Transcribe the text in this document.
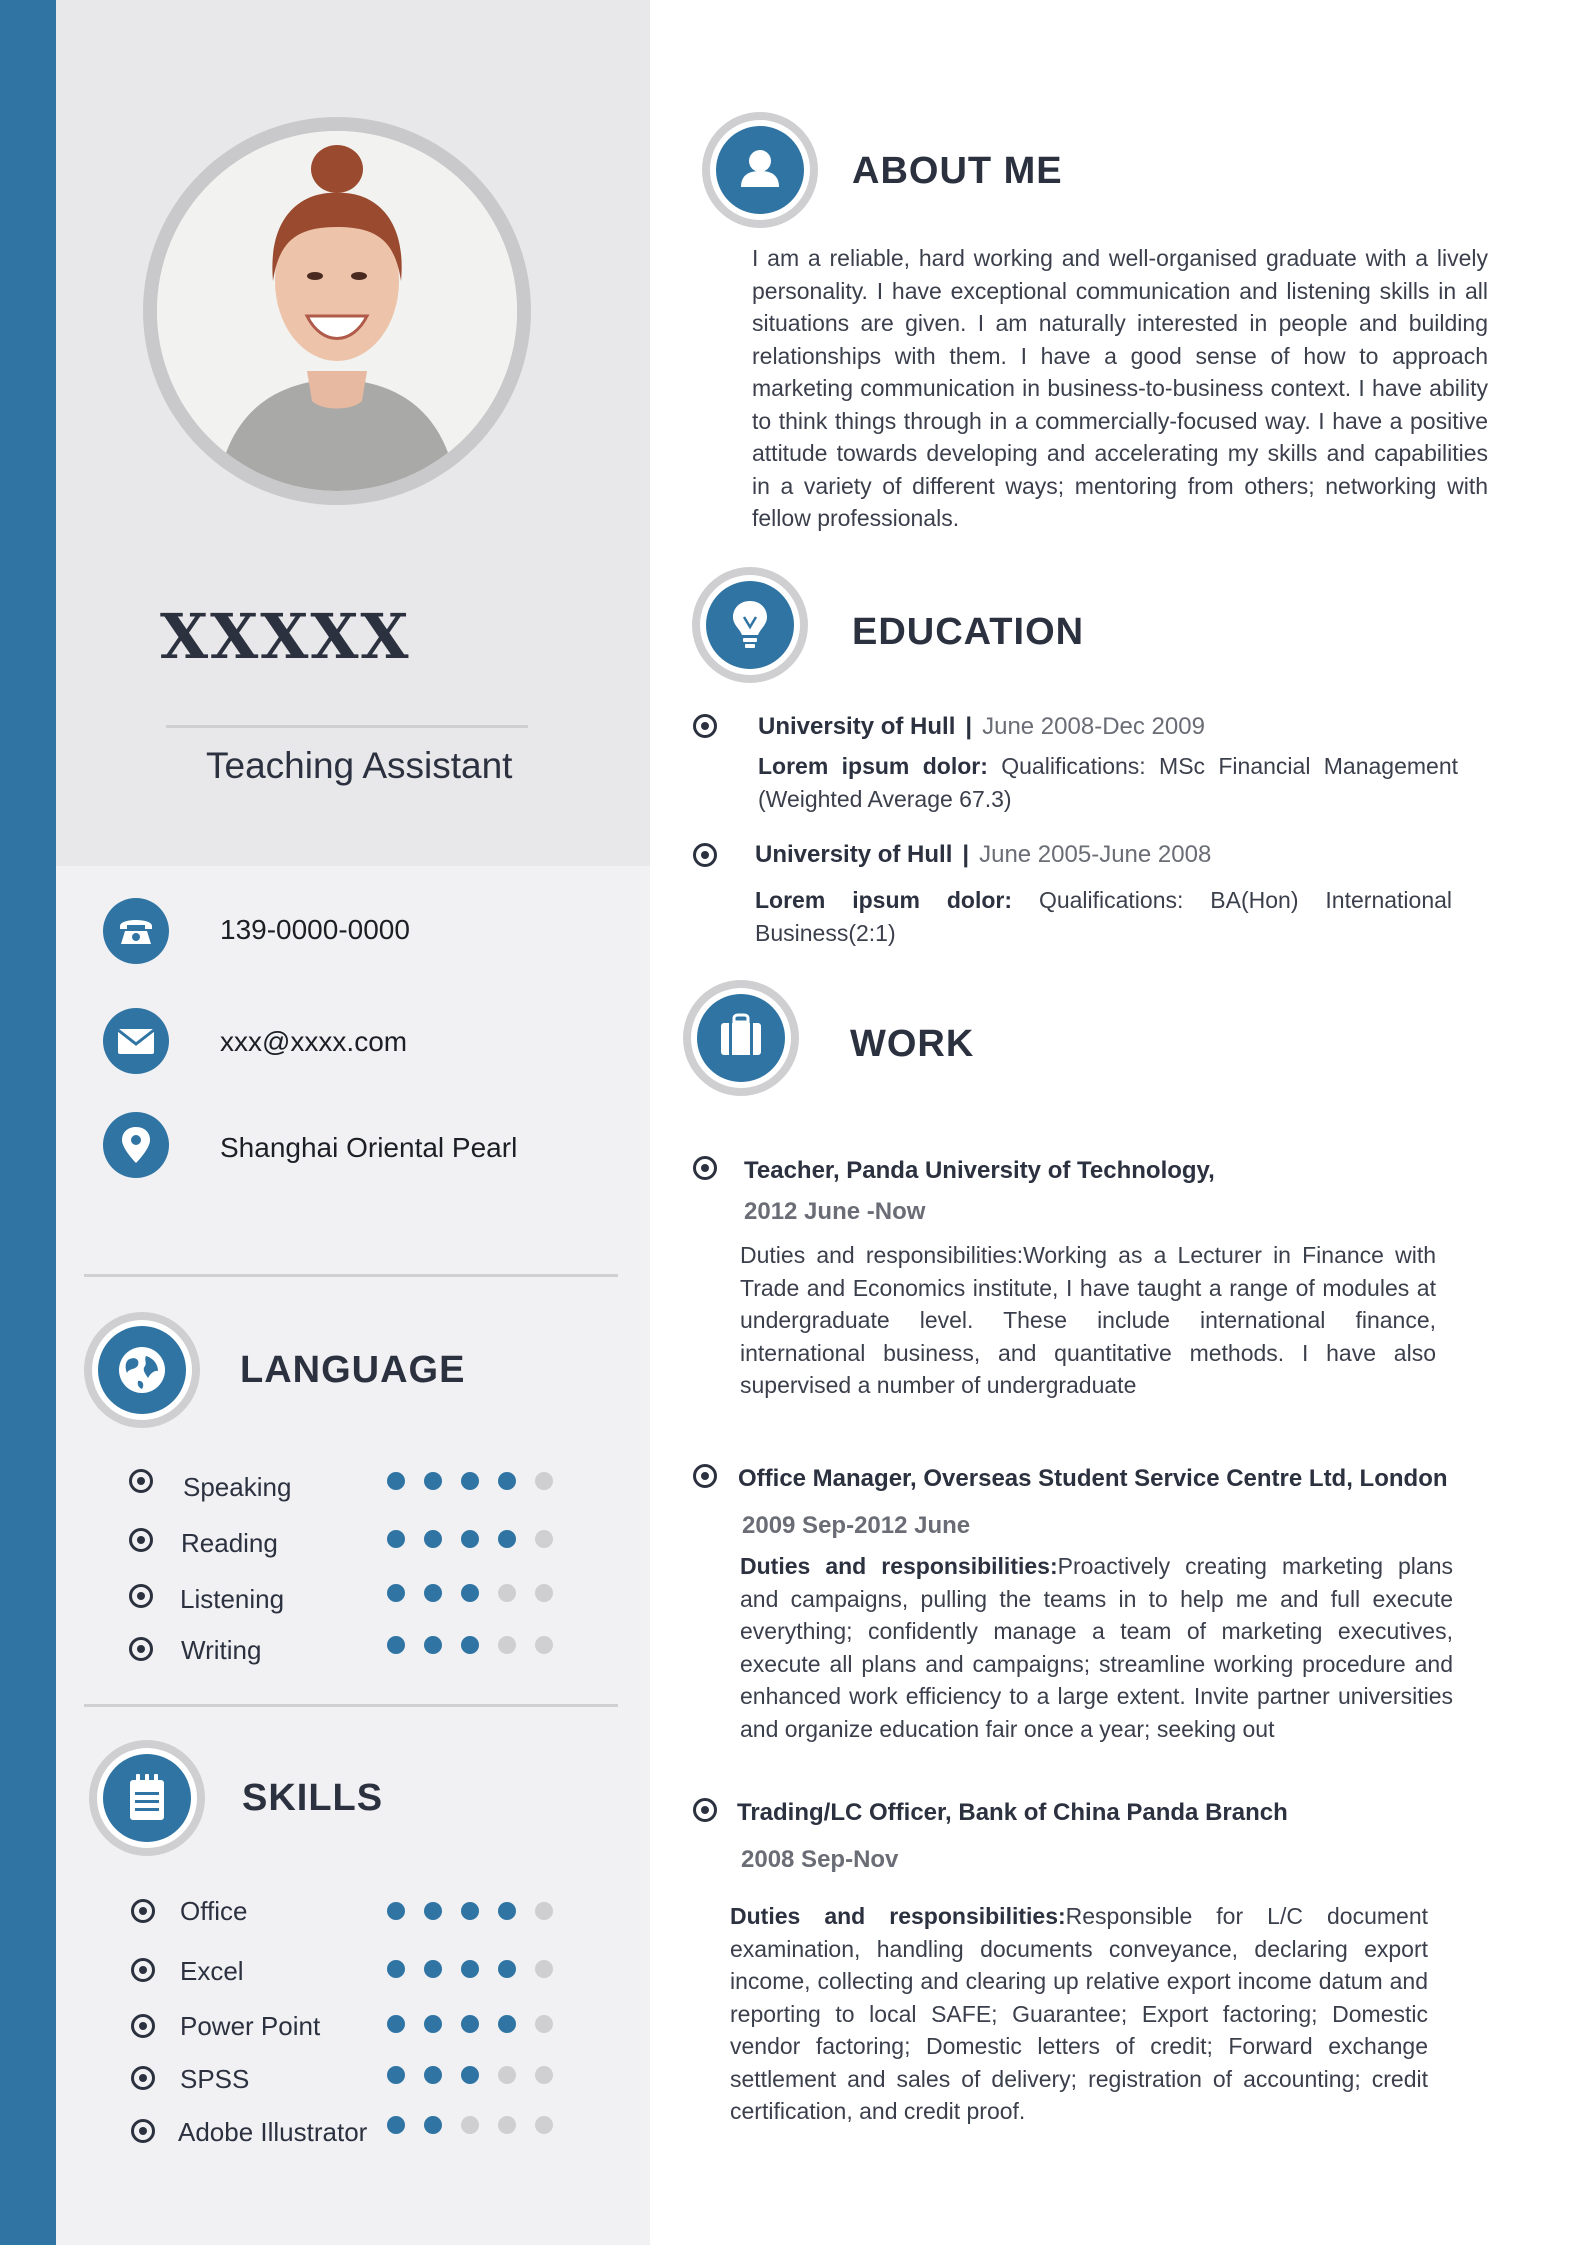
XXXXX
Teaching Assistant
139-0000-0000
xxx@xxxx.com
Shanghai Oriental Pearl
LANGUAGE
Speaking
Reading
Listening
Writing
SKILLS
Office
Excel
Power Point
SPSS
Adobe Illustrator
ABOUT ME
I am a reliable, hard working and well-organised graduate with a lively personality. I have exceptional communication and listening skills in all situations are given. I am naturally interested in people and building relationships with them. I have a good sense of how to approach marketing communication in business-to-business context. I have ability to think things through in a commercially-focused way. I have a positive attitude towards developing and accelerating my skills and capabilities in a variety of different ways; mentoring from others; networking with fellow professionals.
EDUCATION
University of Hull | June 2008-Dec 2009
Lorem ipsum dolor: Qualifications: MSc Financial Management (Weighted Average 67.3)
University of Hull | June 2005-June 2008
Lorem ipsum dolor: Qualifications: BA(Hon) International Business(2:1)
WORK
Teacher, Panda University of Technology,
2012 June -Now
Duties and responsibilities:Working as a Lecturer in Finance with Trade and Economics institute, I have taught a range of modules at undergraduate level. These include international finance, international business, and quantitative methods. I have also supervised a number of undergraduate
Office Manager, Overseas Student Service Centre Ltd, London
2009 Sep-2012 June
Duties and responsibilities:Proactively creating marketing plans and campaigns, pulling the teams in to help me and full execute everything; confidently manage a team of marketing executives, execute all plans and campaigns; streamline working procedure and enhanced work efficiency to a large extent. Invite partner universities and organize education fair once a year; seeking out
Trading/LC Officer, Bank of China Panda Branch
2008 Sep-Nov
Duties and responsibilities:Responsible for L/C document examination, handling documents conveyance, declaring export income, collecting and clearing up relative export income datum and reporting to local SAFE; Guarantee; Export factoring; Domestic vendor factoring; Domestic letters of credit; Forward exchange settlement and sales of delivery; registration of accounting; credit certification, and credit proof.
